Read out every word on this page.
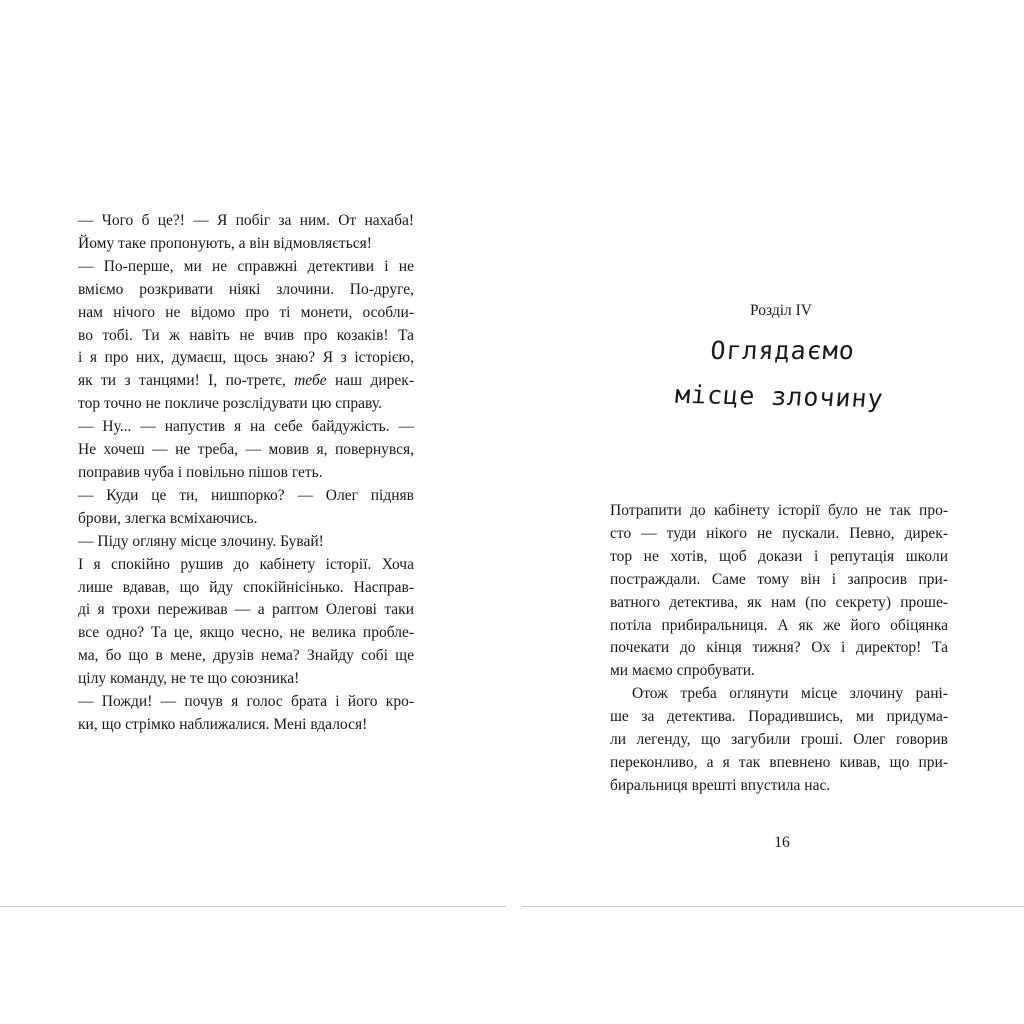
— Чого б це?! — Я побіг за ним. От нахаба!
Йому таке пропонують, а він відмовляється!

— По-перше, ми не справжні детективи і не
вміємо розкривати ніякі злочини. По-друге,
нам нічого не відомо про ті монети, особли-
во тобі. Ти ж навіть не вчив про козаків! Та
і я про них, думаєш, щось знаю? Я з історією,
як ти з танцями! І, по-третє, тебе наш дирек-
тор точно не покличе розслідувати цю справу.

— Ну... — напустив я на себе байдужість. —
Не хочеш — не треба, — мовив я, повернувся,
поправив чуба і повільно пішов геть.

— Куди це ти, нишпорко? — Олег підняв
брови, злегка всміхаючись.

— Піду огляну місце злочину. Бувай!

І я спокійно рушив до кабінету історії. Хоча
лише вдавав, що йду спокійнісінько. Насправ-
ді я трохи переживав — а раптом Олегові таки
все одно? Та це, якщо чесно, не велика пробле-
ма, бо що в мене, друзів нема? Знайду собі ще
цілу команду, не те що союзника!

— Пожди! — почув я голос брата і його кро-
ки, що стрімко наближалися. Мені вдалося!

Розділ IV
Оглядаємо
місце злочину

Потрапити до кабінету історії було не так про-
сто — туди нікого не пускали. Певно, дирек-
тор не хотів, щоб докази і репутація школи
постраждали. Саме тому він і запросив при-
ватного детектива, як нам (по секрету) проше-
потіла прибиральниця. А як же його обіцянка
почекати до кінця тижня? Ох і директор! Та
ми маємо спробувати.

Отож треба оглянути місце злочину рані-
ше за детектива. Порадившись, ми придума-
ли легенду, що загубили гроші. Олег говорив
переконливо, а я так впевнено кивав, що при-
биральниця врешті впустила нас.

16
